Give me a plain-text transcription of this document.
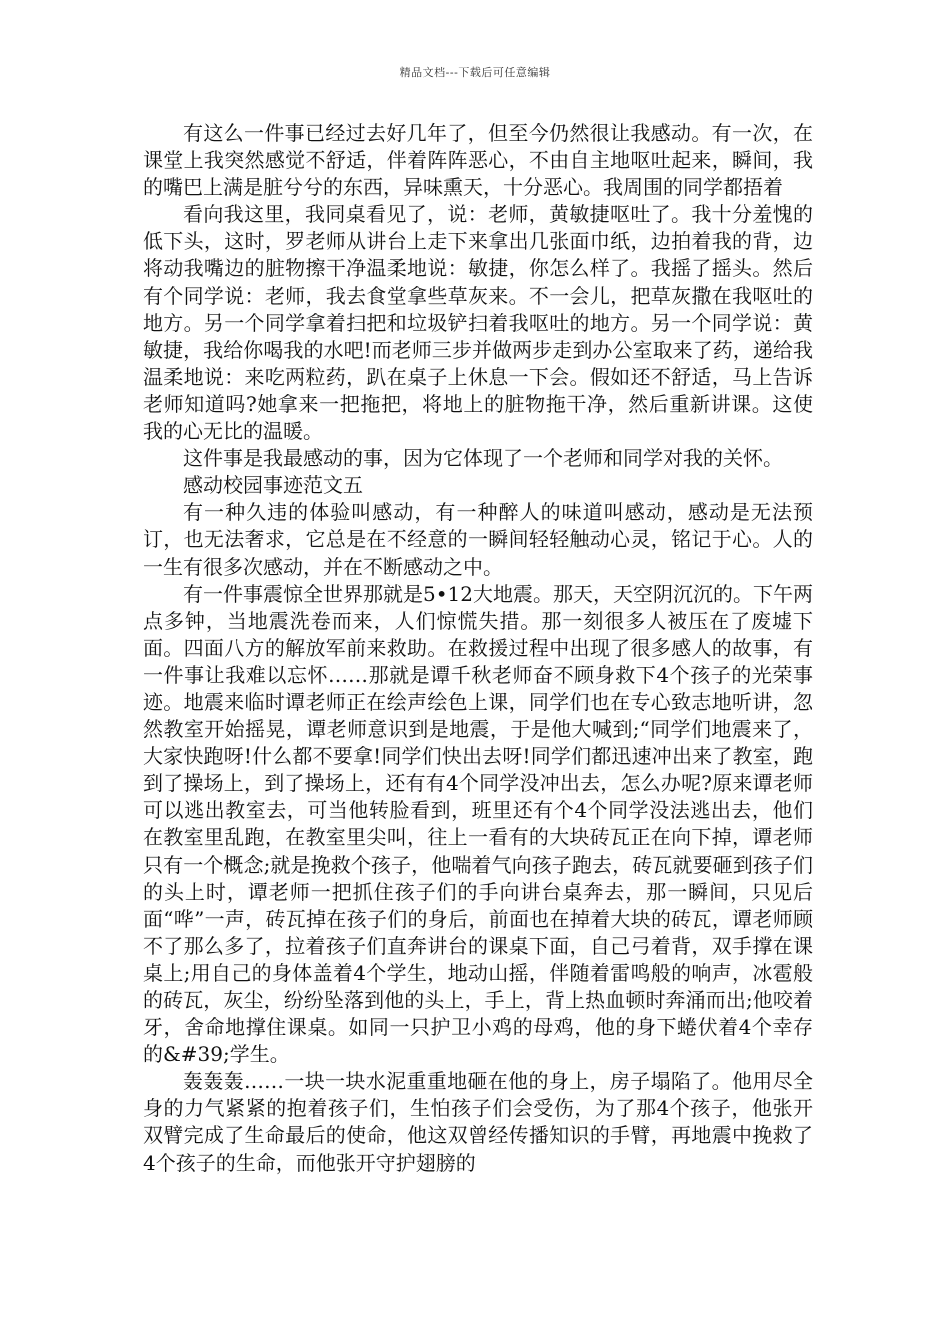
精品文档---下载后可任意编辑

有这么一件事已经过去好几年了，但至今仍然很让我感动。有一次，在课堂上我突然感觉不舒适，伴着阵阵恶心，不由自主地呕吐起来，瞬间，我的嘴巴上满是脏兮兮的东西，异味熏天，十分恶心。我周围的同学都捂着

看向我这里，我同桌看见了，说：老师，黄敏捷呕吐了。我十分羞愧的低下头，这时，罗老师从讲台上走下来拿出几张面巾纸，边拍着我的背，边将动我嘴边的脏物擦干净温柔地说：敏捷，你怎么样了。我摇了摇头。然后有个同学说：老师，我去食堂拿些草灰来。不一会儿，把草灰撒在我呕吐的地方。另一个同学拿着扫把和垃圾铲扫着我呕吐的地方。另一个同学说：黄敏捷，我给你喝我的水吧!而老师三步并做两步走到办公室取来了药，递给我温柔地说：来吃两粒药，趴在桌子上休息一下会。假如还不舒适，马上告诉老师知道吗?她拿来一把拖把，将地上的脏物拖干净，然后重新讲课。这使我的心无比的温暖。

这件事是我最感动的事，因为它体现了一个老师和同学对我的关怀。

感动校园事迹范文五

有一种久违的体验叫感动，有一种醉人的味道叫感动，感动是无法预订，也无法奢求，它总是在不经意的一瞬间轻轻触动心灵，铭记于心。人的一生有很多次感动，并在不断感动之中。

有一件事震惊全世界那就是5•12大地震。那天，天空阴沉沉的。下午两点多钟，当地震洗卷而来，人们惊慌失措。那一刻很多人被压在了废墟下面。四面八方的解放军前来救助。在救援过程中出现了很多感人的故事，有一件事让我难以忘怀……那就是谭千秋老师奋不顾身救下4个孩子的光荣事迹。地震来临时谭老师正在绘声绘色上课，同学们也在专心致志地听讲，忽然教室开始摇晃，谭老师意识到是地震，于是他大喊到;“同学们地震来了，大家快跑呀!什么都不要拿!同学们快出去呀!同学们都迅速冲出来了教室，跑到了操场上，到了操场上，还有有4个同学没冲出去，怎么办呢?原来谭老师可以逃出教室去，可当他转脸看到，班里还有个4个同学没法逃出去，他们在教室里乱跑，在教室里尖叫，往上一看有的大块砖瓦正在向下掉，谭老师只有一个概念;就是挽救个孩子，他喘着气向孩子跑去，砖瓦就要砸到孩子们的头上时，谭老师一把抓住孩子们的手向讲台桌奔去，那一瞬间，只见后面“哗”一声，砖瓦掉在孩子们的身后，前面也在掉着大块的砖瓦，谭老师顾不了那么多了，拉着孩子们直奔讲台的课桌下面，自己弓着背，双手撑在课桌上;用自己的身体盖着4个学生，地动山摇，伴随着雷鸣般的响声，冰雹般的砖瓦，灰尘，纷纷坠落到他的头上，手上，背上热血顿时奔涌而出;他咬着牙，舍命地撑住课桌。如同一只护卫小鸡的母鸡，他的身下蜷伏着4个幸存的&#39;学生。

轰轰轰……一块一块水泥重重地砸在他的身上，房子塌陷了。他用尽全身的力气紧紧的抱着孩子们，生怕孩子们会受伤，为了那4个孩子，他张开双臂完成了生命最后的使命，他这双曾经传播知识的手臂，再地震中挽救了4个孩子的生命，而他张开守护翅膀的
